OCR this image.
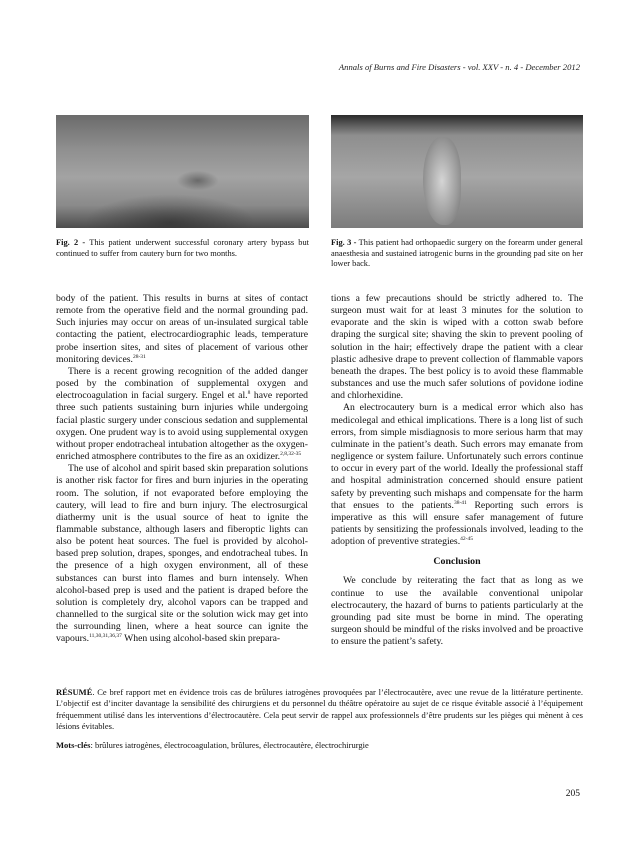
Annals of Burns and Fire Disasters - vol. XXV - n. 4 - December 2012
Fig. 2 - This patient underwent successful coronary artery bypass but continued to suffer from cautery burn for two months.
Fig. 3 - This patient had orthopaedic surgery on the forearm under general anaesthesia and sustained iatrogenic burns in the grounding pad site on her lower back.

body of the patient. This results in burns at sites of contact remote from the operative field and the normal grounding pad. Such injuries may occur on areas of un-insulated surgical table contacting the patient, electrocardiographic leads, temperature probe insertion sites, and sites of placement of various other monitoring devices.$^{28-31}$

There is a recent growing recognition of the added danger posed by the combination of supplemental oxygen and electrocoagulation in facial surgery. Engel et al.$^8$ have reported three such patients sustaining burn injuries while undergoing facial plastic surgery under conscious sedation and supplemental oxygen. One prudent way is to avoid using supplemental oxygen without proper endotracheal intubation altogether as the oxygen-enriched atmosphere contributes to the fire as an oxidizer.$^{2,8,32-35}$

The use of alcohol and spirit based skin preparation solutions is another risk factor for fires and burn injuries in the operating room. The solution, if not evaporated before employing the cautery, will lead to fire and burn injury. The electrosurgical diathermy unit is the usual source of heat to ignite the flammable substance, although lasers and fiberoptic lights can also be potent heat sources. The fuel is provided by alcohol-based prep solution, drapes, sponges, and endotracheal tubes. In the presence of a high oxygen environment, all of these substances can burst into flames and burn intensely. When alcohol-based prep is used and the patient is draped before the solution is completely dry, alcohol vapors can be trapped and channelled to the surgical site or the solution wick may get into the surrounding linen, where a heat source can ignite the vapours.$^{11,30,31,36,37}$ When using alcohol-based skin prepara-

tions a few precautions should be strictly adhered to. The surgeon must wait for at least 3 minutes for the solution to evaporate and the skin is wiped with a cotton swab before draping the surgical site; shaving the skin to prevent pooling of solution in the hair; effectively drape the patient with a clear plastic adhesive drape to prevent collection of flammable vapors beneath the drapes. The best policy is to avoid these flammable substances and use the much safer solutions of povidone iodine and chlorhexidine.

An electrocautery burn is a medical error which also has medicolegal and ethical implications. There is a long list of such errors, from simple misdiagnosis to more serious harm that may culminate in the patient’s death. Such errors may emanate from negligence or system failure. Unfortunately such errors continue to occur in every part of the world. Ideally the professional staff and hospital administration concerned should ensure patient safety by preventing such mishaps and compensate for the harm that ensues to the patients.$^{38-41}$ Reporting such errors is imperative as this will ensure safer management of future patients by sensitizing the professionals involved, leading to the adoption of preventive strategies.$^{42-45}$

Conclusion

We conclude by reiterating the fact that as long as we continue to use the available conventional unipolar electrocautery, the hazard of burns to patients particularly at the grounding pad site must be borne in mind. The operating surgeon should be mindful of the risks involved and be proactive to ensure the patient’s safety.

RÉSUMÉ. Ce bref rapport met en évidence trois cas de brûlures iatrogènes provoquées par l’électrocautère, avec une revue de la littérature pertinente. L’objectif est d’inciter davantage la sensibilité des chirurgiens et du personnel du théâtre opératoire au sujet de ce risque évitable associé à l’équipement fréquemment utilisé dans les interventions d’électrocautère. Cela peut servir de rappel aux professionnels d’être prudents sur les pièges qui mènent à ces lésions évitables.

Mots-clés: brûlures iatrogènes, électrocoagulation, brûlures, électrocautère, électrochirurgie

205
